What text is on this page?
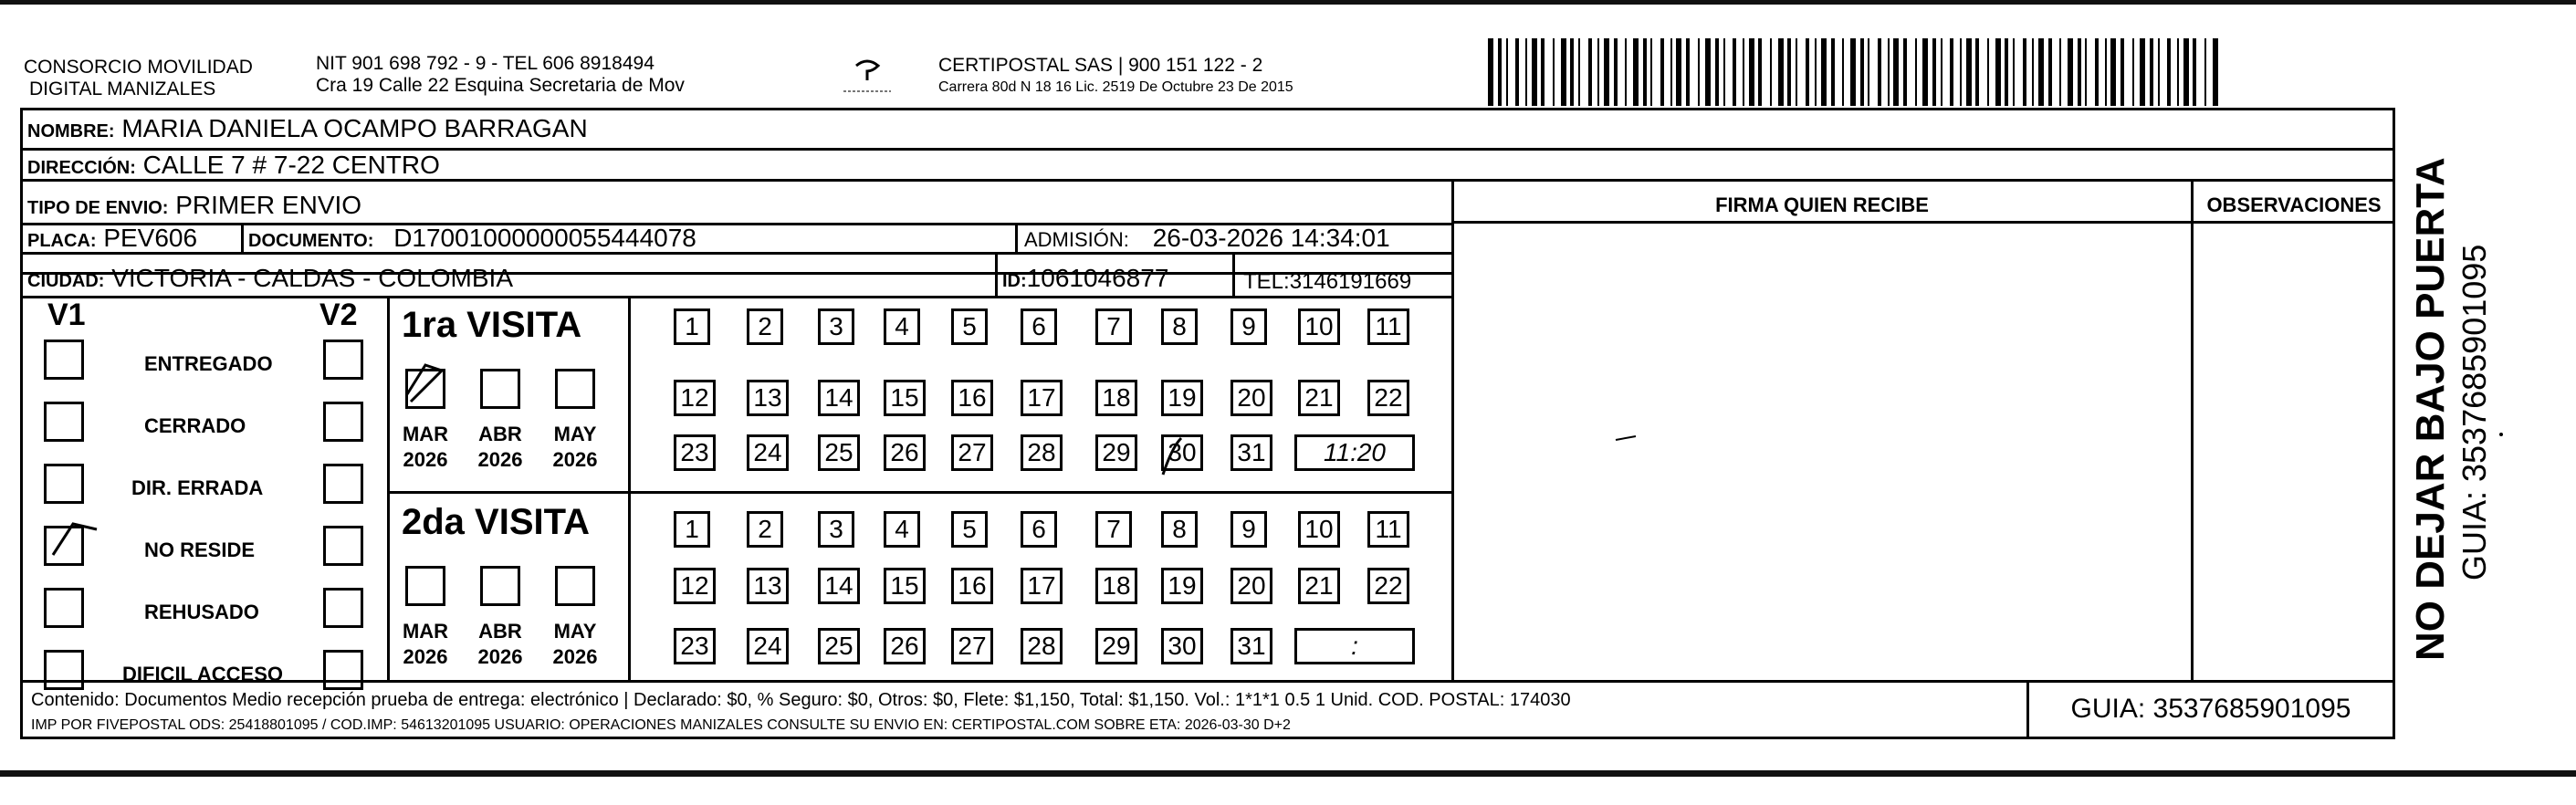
CONSORCIO MOVILIDAD
DIGITAL MANIZALES
NIT 901 698 792 - 9 - TEL 606 8918494
Cra 19 Calle 22 Esquina Secretaria de Mov
CERTIPOSTAL SAS | 900 151 122 - 2
Carrera 80d N 18 16 Lic. 2519 De Octubre 23 De 2015
NOMBRE: MARIA DANIELA OCAMPO BARRAGAN
DIRECCIÓN: CALLE 7 # 7-22 CENTRO
TIPO DE ENVIO: PRIMER ENVIO
PLACA: PEV606	DOCUMENTO: D17001000000055444078	ADMISIÓN: 26-03-2026 14:34:01
CIUDAD: VICTORIA - CALDAS - COLOMBIA	ID:1061046877	TEL:3146191669
FIRMA QUIEN RECIBE	OBSERVACIONES
V1	V2
ENTREGADO
CERRADO
DIR. ERRADA
NO RESIDE
REHUSADO
DIFICIL ACCESO
1ra VISITA
2da VISITA
MAR
2026
ABR
2026
MAY
2026
MAR
2026
ABR
2026
MAY
2026
1	2	3	4	5	6	7	8	9	10	11
12 13 14 15 16 17 18 19 20 21 22
23 24 25 26 27 28 29 30 31	11:20
1	2	3	4	5	6	7	8	9	10	11
12 13 14 15 16 17 18 19 20 21 22
23 24 25 26 27 28 29 30 31	:
Contenido: Documentos Medio recepción prueba de entrega: electrónico | Declarado: $0, % Seguro: $0, Otros: $0, Flete: $1,150, Total: $1,150. Vol.: 1*1*1 0.5 1 Unid. COD. POSTAL: 174030
IMP POR FIVEPOSTAL ODS: 25418801095 / COD.IMP: 54613201095 USUARIO: OPERACIONES MANIZALES CONSULTE SU ENVIO EN: CERTIPOSTAL.COM SOBRE ETA: 2026-03-30 D+2
GUIA: 3537685901095
NO DEJAR BAJO PUERTA GUIA: 3537685901095
